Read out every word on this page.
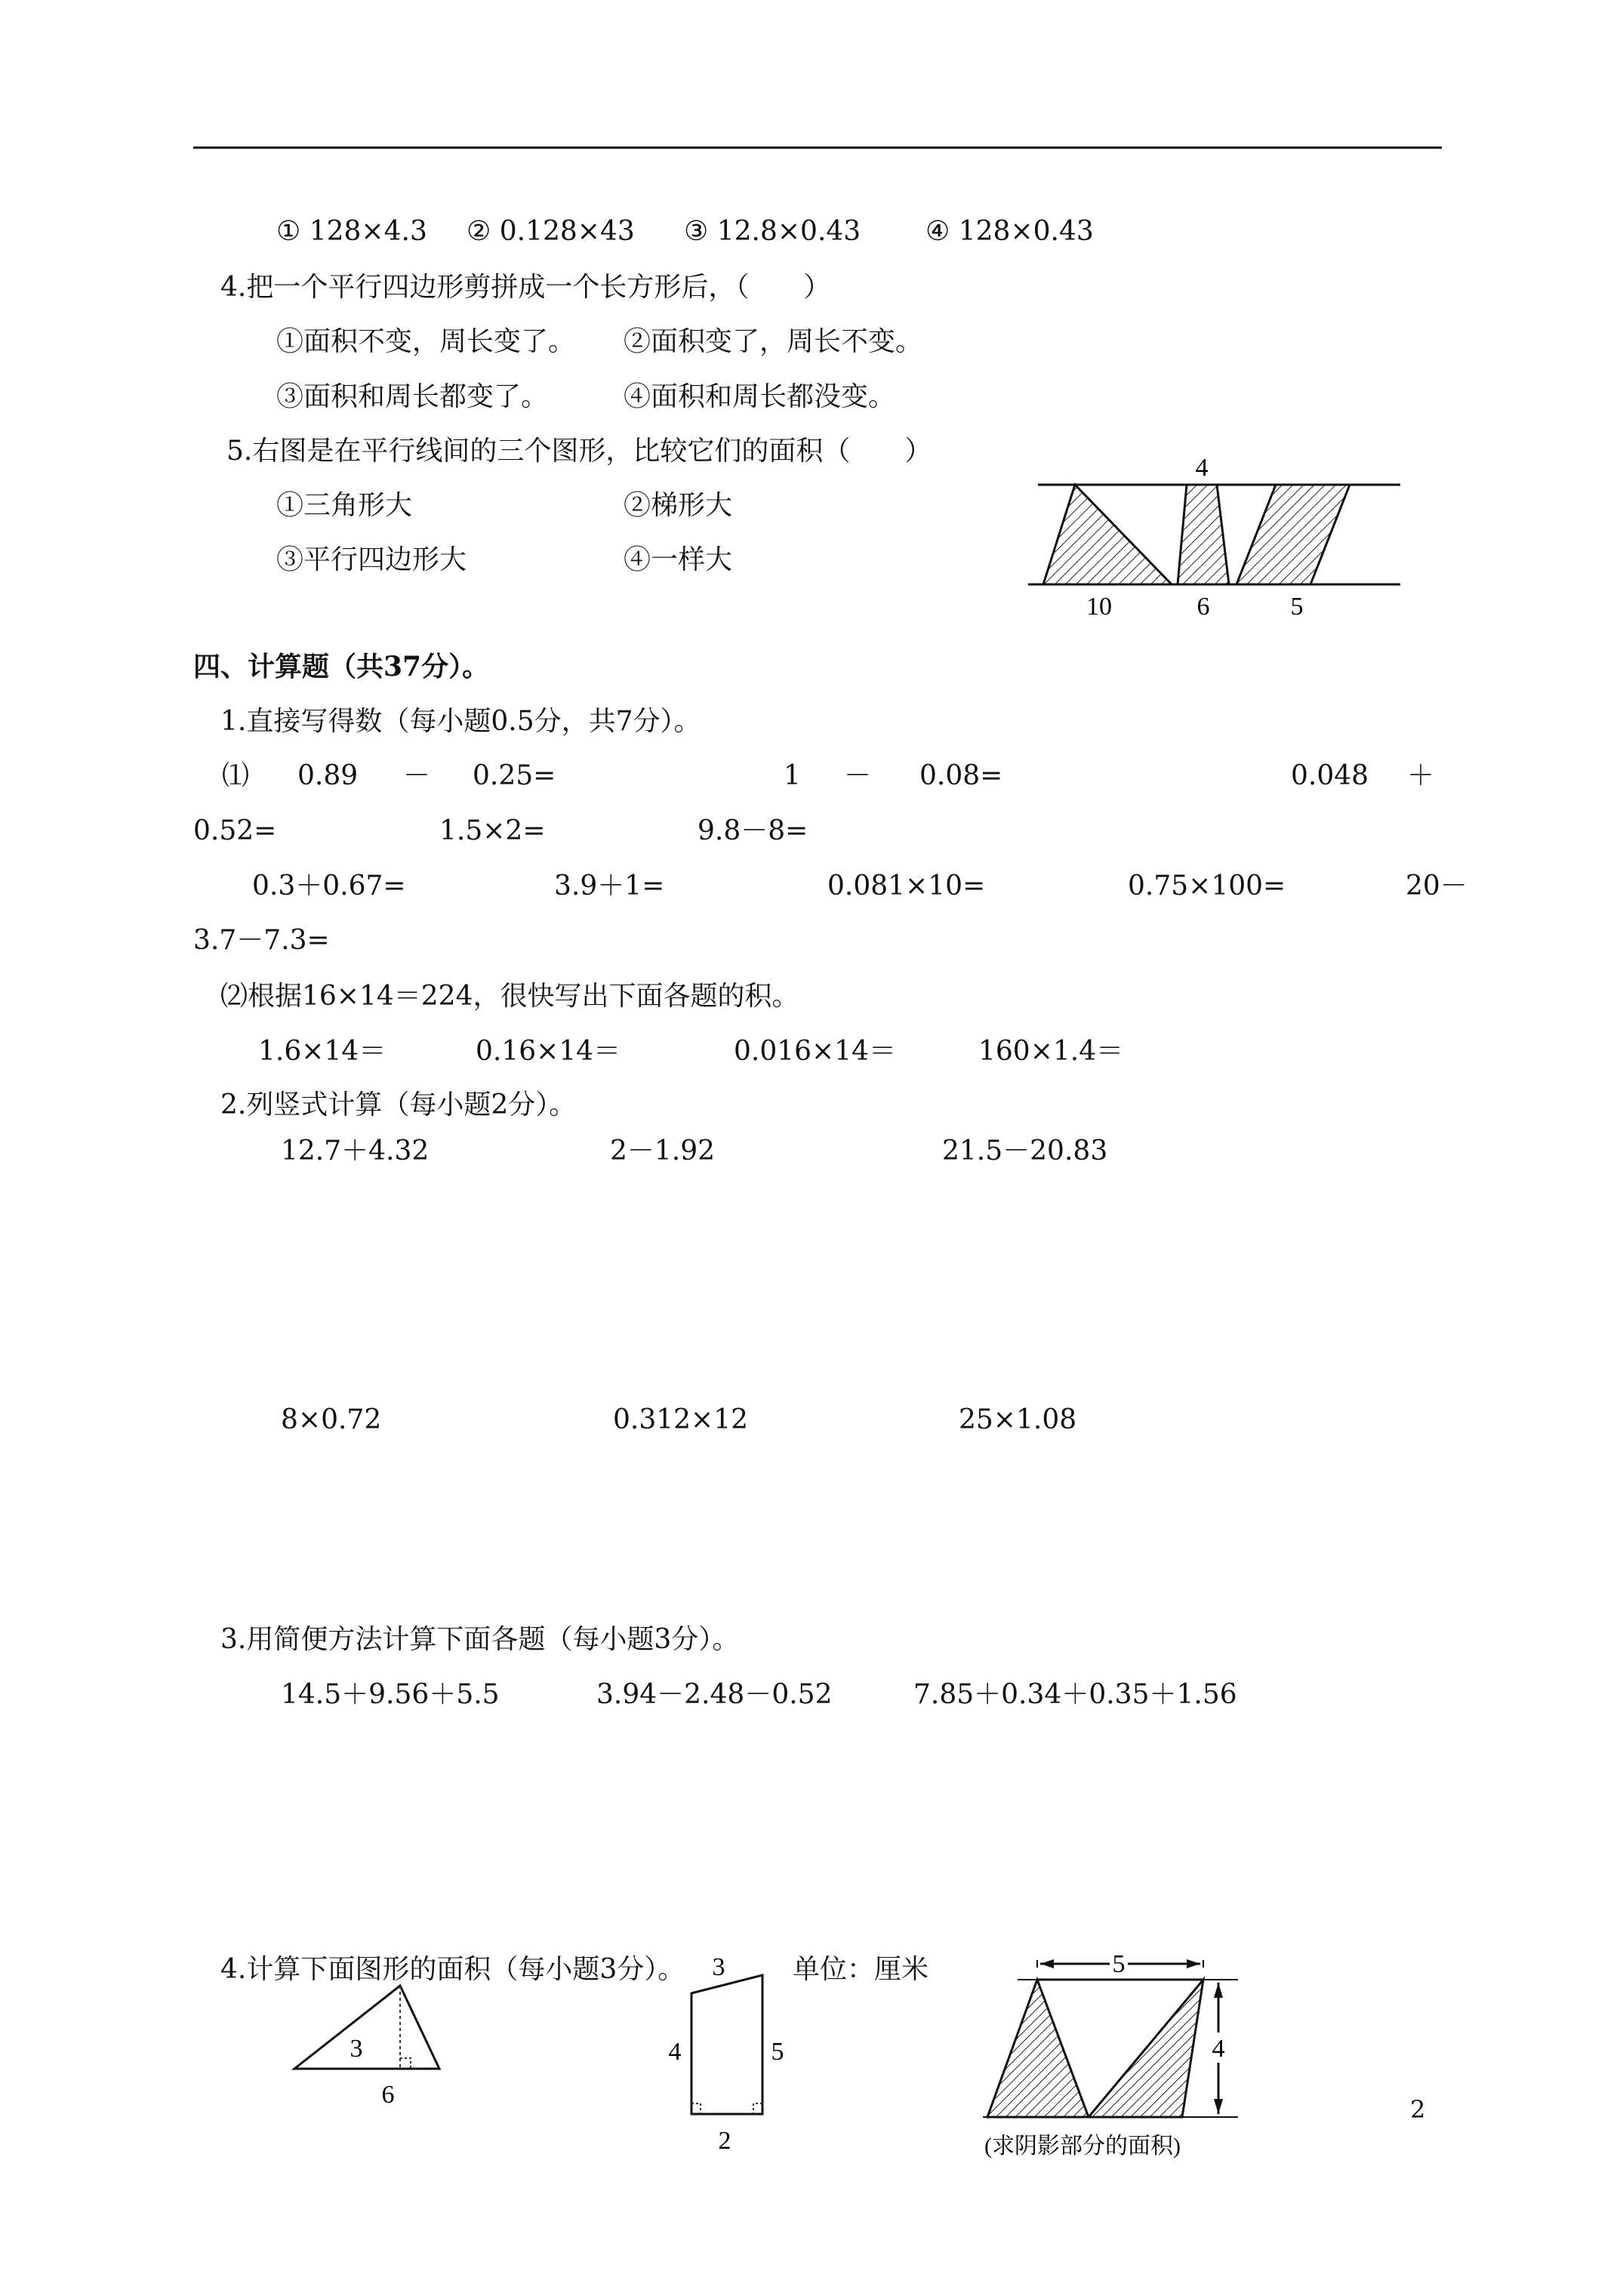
① 128×4.3 ② 0.128×43 ③ 12.8×0.43 ④ 128×0.43
4.把一个平行四边形剪拼成一个长方形后，（　　）
①面积不变，周长变了。 ②面积变了，周长不变。
③面积和周长都变了。	④面积和周长都没变。
5.右图是在平行线间的三个图形，比较它们的面积（　　）
①三角形大	②梯形大
③平行四边形大	④一样大
4
10	6	5
四、计算题（共37分）。
1.直接写得数（每小题0.5分，共7分）。
⑴ 0.89 － 0.25=	1 － 0.08=	0.048 ＋
0.52=	1.5×2=	9.8－8=
0.3＋0.67=	3.9＋1=	0.081×10=	0.75×100=	20－
3.7－7.3=
⑵根据16×14＝224，很快写出下面各题的积。
1.6×14＝	0.16×14＝	0.016×14＝	160×1.4＝
2.列竖式计算（每小题2分）。
12.7＋4.32	2－1.92	21.5－20.83
8×0.72	0.312×12	25×1.08
3.用简便方法计算下面各题（每小题3分）。
14.5＋9.56＋5.5	3.94－2.48－0.52	7.85＋0.34＋0.35＋1.56
4.计算下面图形的面积（每小题3分）。	单位：厘米
3
6
3
4	5
2
5
4
(求阴影部分的面积)
2
